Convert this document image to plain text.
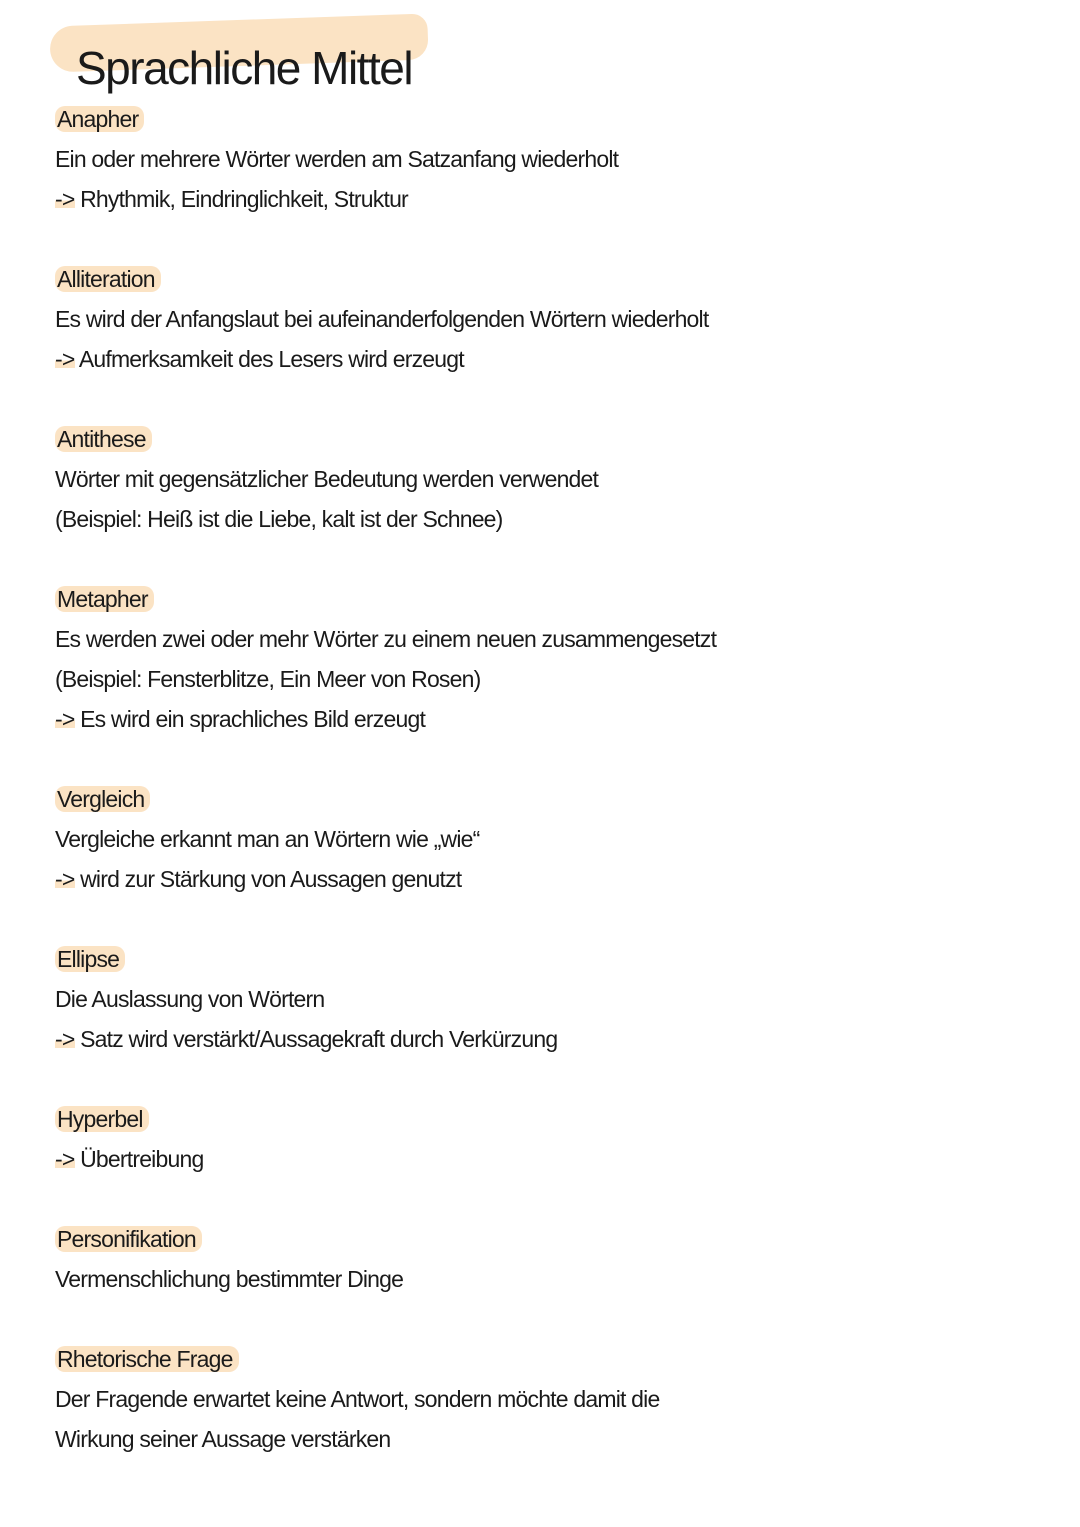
Sprachliche Mittel
Anapher
Ein oder mehrere Wörter werden am Satzanfang wiederholt
-> Rhythmik, Eindringlichkeit, Struktur
Alliteration
Es wird der Anfangslaut bei aufeinanderfolgenden Wörtern wiederholt
-> Aufmerksamkeit des Lesers wird erzeugt
Antithese
Wörter mit gegensätzlicher Bedeutung werden verwendet
(Beispiel: Heiß ist die Liebe, kalt ist der Schnee)
Metapher
Es werden zwei oder mehr Wörter zu einem neuen zusammengesetzt
(Beispiel: Fensterblitze, Ein Meer von Rosen)
-> Es wird ein sprachliches Bild erzeugt
Vergleich
Vergleiche erkannt man an Wörtern wie „wie“
-> wird zur Stärkung von Aussagen genutzt
Ellipse
Die Auslassung von Wörtern
-> Satz wird verstärkt/Aussagekraft durch Verkürzung
Hyperbel
-> Übertreibung
Personifikation
Vermenschlichung bestimmter Dinge
Rhetorische Frage
Der Fragende erwartet keine Antwort, sondern möchte damit die
Wirkung seiner Aussage verstärken
